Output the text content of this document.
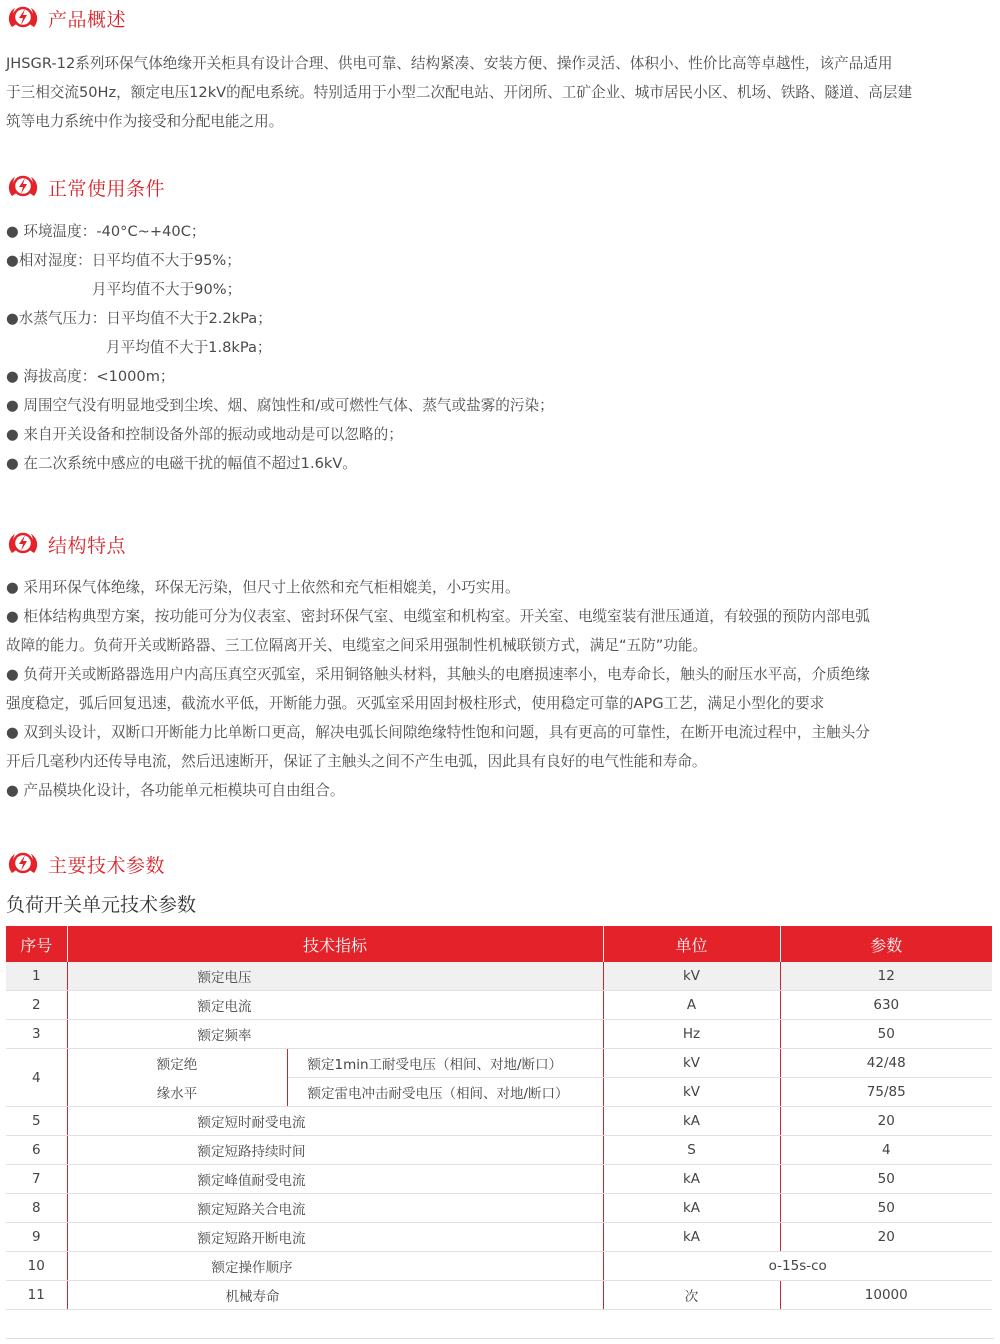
产品概述

JHSGR-12系列环保气体绝缘开关柜具有设计合理、供电可靠、结构紧凑、安装方便、操作灵活、体积小、性价比高等卓越性，该产品适用

于三相交流50Hz，额定电压12kV的配电系统。特别适用于小型二次配电站、开闭所、工矿企业、城市居民小区、机场、铁路、隧道、高层建

筑等电力系统中作为接受和分配电能之用。

正常使用条件

● 环境温度：-40°C~+40C；

●相对湿度：日平均值不大于95%；

月平均值不大于90%；

●水蒸气压力：日平均值不大于2.2kPa；

月平均值不大于1.8kPa；

● 海拔高度：<1000m；

● 周围空气没有明显地受到尘埃、烟、腐蚀性和/或可燃性气体、蒸气或盐雾的污染；

● 来自开关设备和控制设备外部的振动或地动是可以忽略的；

● 在二次系统中感应的电磁干扰的幅值不超过1.6kV。

结构特点

● 采用环保气体绝缘，环保无污染，但尺寸上依然和充气柜相媲美，小巧实用。

● 柜体结构典型方案，按功能可分为仪表室、密封环保气室、电缆室和机构室。开关室、电缆室装有泄压通道，有较强的预防内部电弧

故障的能力。负荷开关或断路器、三工位隔离开关、电缆室之间采用强制性机械联锁方式，满足“五防”功能。

● 负荷开关或断路器选用户内高压真空灭弧室，采用铜铬触头材料，其触头的电磨损速率小，电寿命长，触头的耐压水平高，介质绝缘

强度稳定，弧后回复迅速，截流水平低，开断能力强。灭弧室采用固封极柱形式，使用稳定可靠的APG工艺，满足小型化的要求

● 双到头设计，双断口开断能力比单断口更高，解决电弧长间隙绝缘特性饱和问题，具有更高的可靠性，在断开电流过程中，主触头分

开后几毫秒内还传导电流，然后迅速断开，保证了主触头之间不产生电弧，因此具有良好的电气性能和寿命。

● 产品模块化设计，各功能单元柜模块可自由组合。

主要技术参数

负荷开关单元技术参数

序号	技术指标		单位	参数
1	额定电压		kV	12
2	额定电流		A	630
3	额定频率		Hz	50
4	额定绝	额定1min工耐受电压（相间、对地/断口）	kV	42/48
	缘水平	额定雷电冲击耐受电压（相间、对地/断口）	kV	75/85
5	额定短时耐受电流		kA	20
6	额定短路持续时间		S	4
7	额定峰值耐受电流		kA	50
8	额定短路关合电流		kA	50
9	额定短路开断电流		kA	20
10	额定操作顺序		o-15s-co	
11	机械寿命		次	10000
